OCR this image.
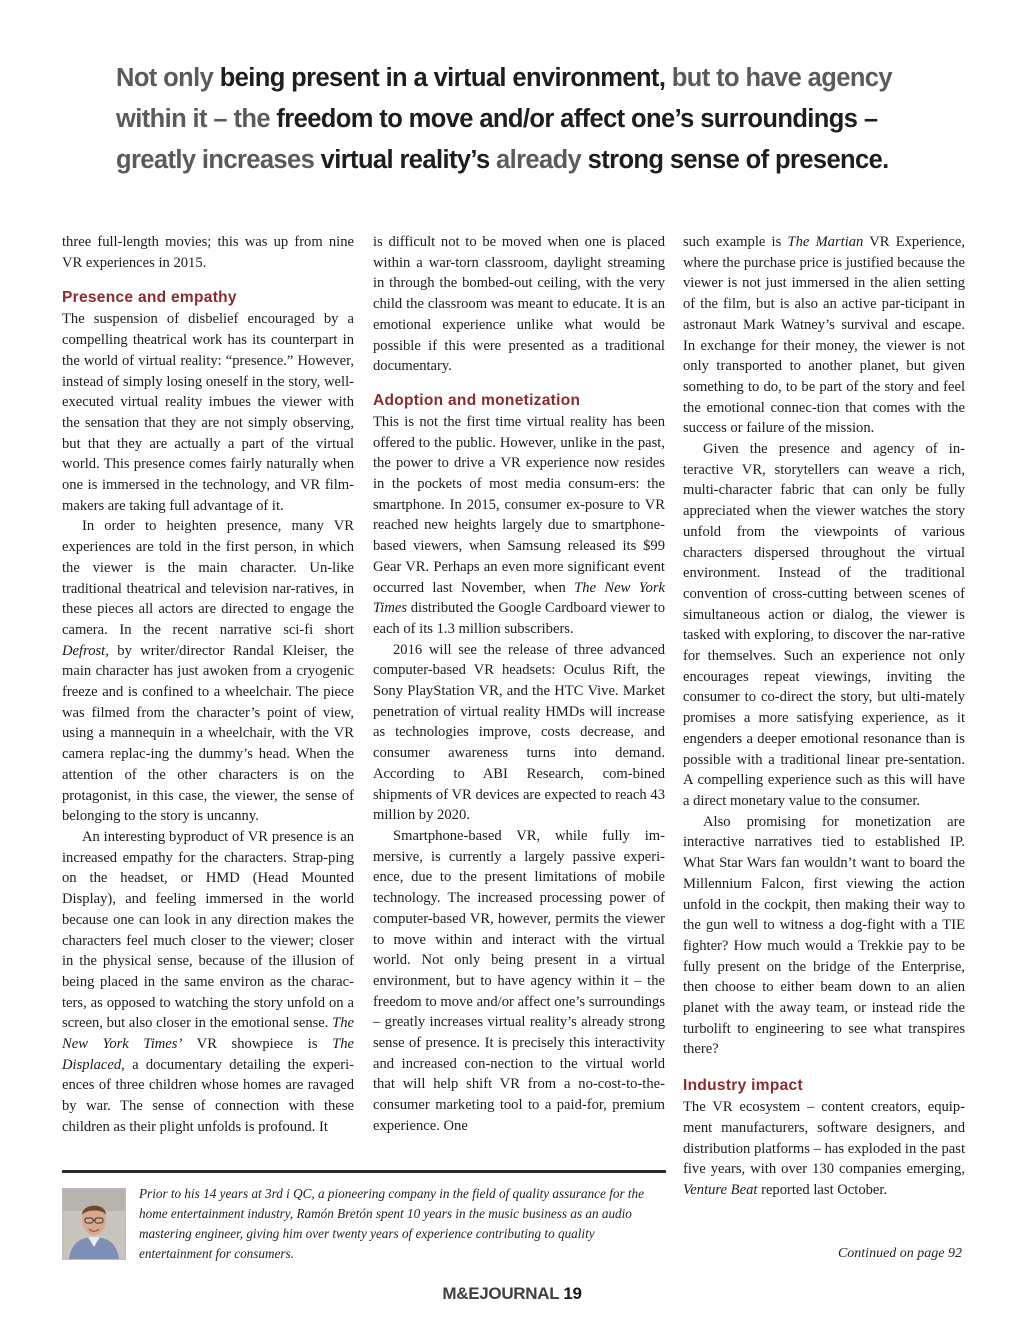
Not only being present in a virtual environment, but to have agency within it – the freedom to move and/or affect one’s surroundings – greatly increases virtual reality’s already strong sense of presence.

three full-length movies; this was up from nine VR experiences in 2015.

Presence and empathy

The suspension of disbelief encouraged by a compelling theatrical work has its counterpart in the world of virtual reality: “presence.” However, instead of simply losing oneself in the story, well-executed virtual reality imbues the viewer with the sensation that they are not simply observing, but that they are actually a part of the virtual world. This presence comes fairly naturally when one is immersed in the technology, and VR film-makers are taking full advantage of it.

In order to heighten presence, many VR experiences are told in the first person, in which the viewer is the main character. Un-like traditional theatrical and television nar-ratives, in these pieces all actors are directed to engage the camera. In the recent narrative sci-fi short Defrost, by writer/director Randal Kleiser, the main character has just awoken from a cryogenic freeze and is confined to a wheelchair. The piece was filmed from the character’s point of view, using a mannequin in a wheelchair, with the VR camera replac-ing the dummy’s head. When the attention of the other characters is on the protagonist, in this case, the viewer, the sense of belonging to the story is uncanny.

An interesting byproduct of VR presence is an increased empathy for the characters. Strap-ping on the headset, or HMD (Head Mounted Display), and feeling immersed in the world because one can look in any direction makes the characters feel much closer to the viewer; closer in the physical sense, because of the illusion of being placed in the same environ as the charac-ters, as opposed to watching the story unfold on a screen, but also closer in the emotional sense. The New York Times’ VR showpiece is The Displaced, a documentary detailing the experi-ences of three children whose homes are ravaged by war. The sense of connection with these children as their plight unfolds is profound. It

is difficult not to be moved when one is placed within a war-torn classroom, daylight streaming in through the bombed-out ceiling, with the very child the classroom was meant to educate. It is an emotional experience unlike what would be possible if this were presented as a traditional documentary.

Adoption and monetization

This is not the first time virtual reality has been offered to the public. However, unlike in the past, the power to drive a VR experience now resides in the pockets of most media consum-ers: the smartphone. In 2015, consumer ex-posure to VR reached new heights largely due to smartphone-based viewers, when Samsung released its $99 Gear VR. Perhaps an even more significant event occurred last November, when The New York Times distributed the Google Cardboard viewer to each of its 1.3 million subscribers.

2016 will see the release of three advanced computer-based VR headsets: Oculus Rift, the Sony PlayStation VR, and the HTC Vive. Market penetration of virtual reality HMDs will increase as technologies improve, costs decrease, and consumer awareness turns into demand. According to ABI Research, com-bined shipments of VR devices are expected to reach 43 million by 2020.

Smartphone-based VR, while fully im-mersive, is currently a largely passive experi-ence, due to the present limitations of mobile technology. The increased processing power of computer-based VR, however, permits the viewer to move within and interact with the virtual world. Not only being present in a virtual environment, but to have agency within it – the freedom to move and/or affect one’s surroundings – greatly increases virtual reality’s already strong sense of presence. It is precisely this interactivity and increased con-nection to the virtual world that will help shift VR from a no-cost-to-the-consumer marketing tool to a paid-for, premium experience. One

such example is The Martian VR Experience, where the purchase price is justified because the viewer is not just immersed in the alien setting of the film, but is also an active par-ticipant in astronaut Mark Watney’s survival and escape. In exchange for their money, the viewer is not only transported to another planet, but given something to do, to be part of the story and feel the emotional connec-tion that comes with the success or failure of the mission.

Given the presence and agency of in-teractive VR, storytellers can weave a rich, multi-character fabric that can only be fully appreciated when the viewer watches the story unfold from the viewpoints of various characters dispersed throughout the virtual environment. Instead of the traditional convention of cross-cutting between scenes of simultaneous action or dialog, the viewer is tasked with exploring, to discover the nar-rative for themselves. Such an experience not only encourages repeat viewings, inviting the consumer to co-direct the story, but ulti-mately promises a more satisfying experience, as it engenders a deeper emotional resonance than is possible with a traditional linear pre-sentation. A compelling experience such as this will have a direct monetary value to the consumer.

Also promising for monetization are interactive narratives tied to established IP. What Star Wars fan wouldn’t want to board the Millennium Falcon, first viewing the action unfold in the cockpit, then making their way to the gun well to witness a dog-fight with a TIE fighter? How much would a Trekkie pay to be fully present on the bridge of the Enterprise, then choose to either beam down to an alien planet with the away team, or instead ride the turbolift to engineering to see what transpires there?

Industry impact

The VR ecosystem – content creators, equip-ment manufacturers, software designers, and distribution platforms – has exploded in the past five years, with over 130 companies emerging, Venture Beat reported last October.

Prior to his 14 years at 3rd i QC, a pioneering company in the field of quality assurance for the home entertainment industry, Ramón Bretón spent 10 years in the music business as an audio mastering engineer, giving him over twenty years of experience contributing to quality entertainment for consumers.	Continued on page 92
M&EJOURNAL 19
